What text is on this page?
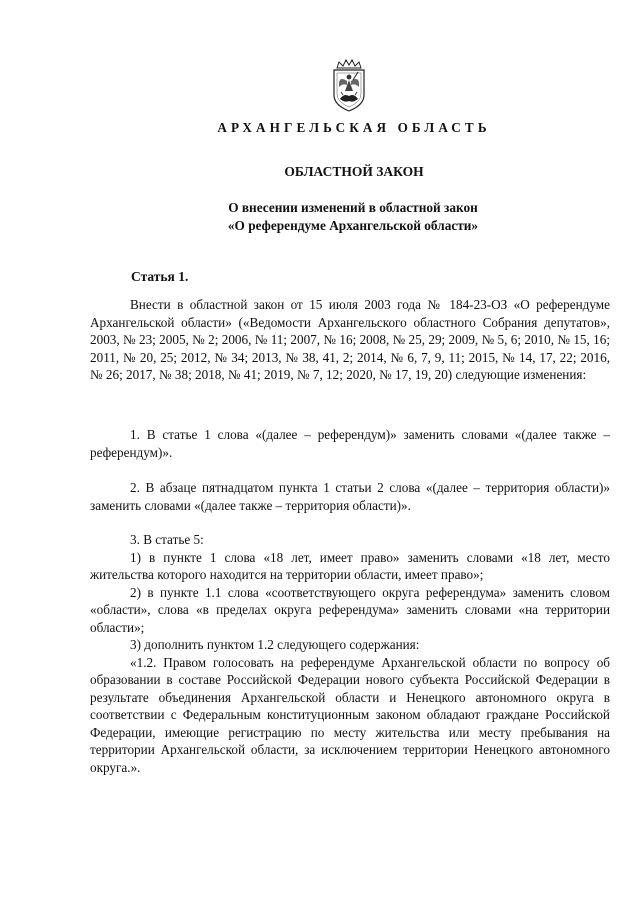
АРХАНГЕЛЬСКАЯ ОБЛАСТЬ
ОБЛАСТНОЙ ЗАКОН
О внесении изменений в областной закон
«О референдуме Архангельской области»
Статья 1.

Внести в областной закон от 15 июля 2003 года № 184-23-ОЗ «О референдуме Архангельской области» («Ведомости Архангельского областного Собрания депутатов», 2003, № 23; 2005, № 2; 2006, № 11; 2007, № 16; 2008, № 25, 29; 2009, № 5, 6; 2010, № 15, 16; 2011, № 20, 25; 2012, № 34; 2013, № 38, 41, 2; 2014, № 6, 7, 9, 11; 2015, № 14, 17, 22; 2016, № 26; 2017, № 38; 2018, № 41; 2019, № 7, 12; 2020, № 17, 19, 20) следующие изменения:

1. В статье 1 слова «(далее – референдум)» заменить словами «(далее также – референдум)».

2. В абзаце пятнадцатом пункта 1 статьи 2 слова «(далее – территория области)» заменить словами «(далее также – территория области)».

3. В статье 5:

1) в пункте 1 слова «18 лет, имеет право» заменить словами «18 лет, место жительства которого находится на территории области, имеет право»;

2) в пункте 1.1 слова «соответствующего округа референдума» заменить словом «области», слова «в пределах округа референдума» заменить словами «на территории области»;

3) дополнить пунктом 1.2 следующего содержания:

«1.2. Правом голосовать на референдуме Архангельской области по вопросу об образовании в составе Российской Федерации нового субъекта Российской Федерации в результате объединения Архангельской области и Ненецкого автономного округа в соответствии с Федеральным конституционным законом обладают граждане Российской Федерации, имеющие регистрацию по месту жительства или месту пребывания на территории Архангельской области, за исключением территории Ненецкого автономного округа.».
